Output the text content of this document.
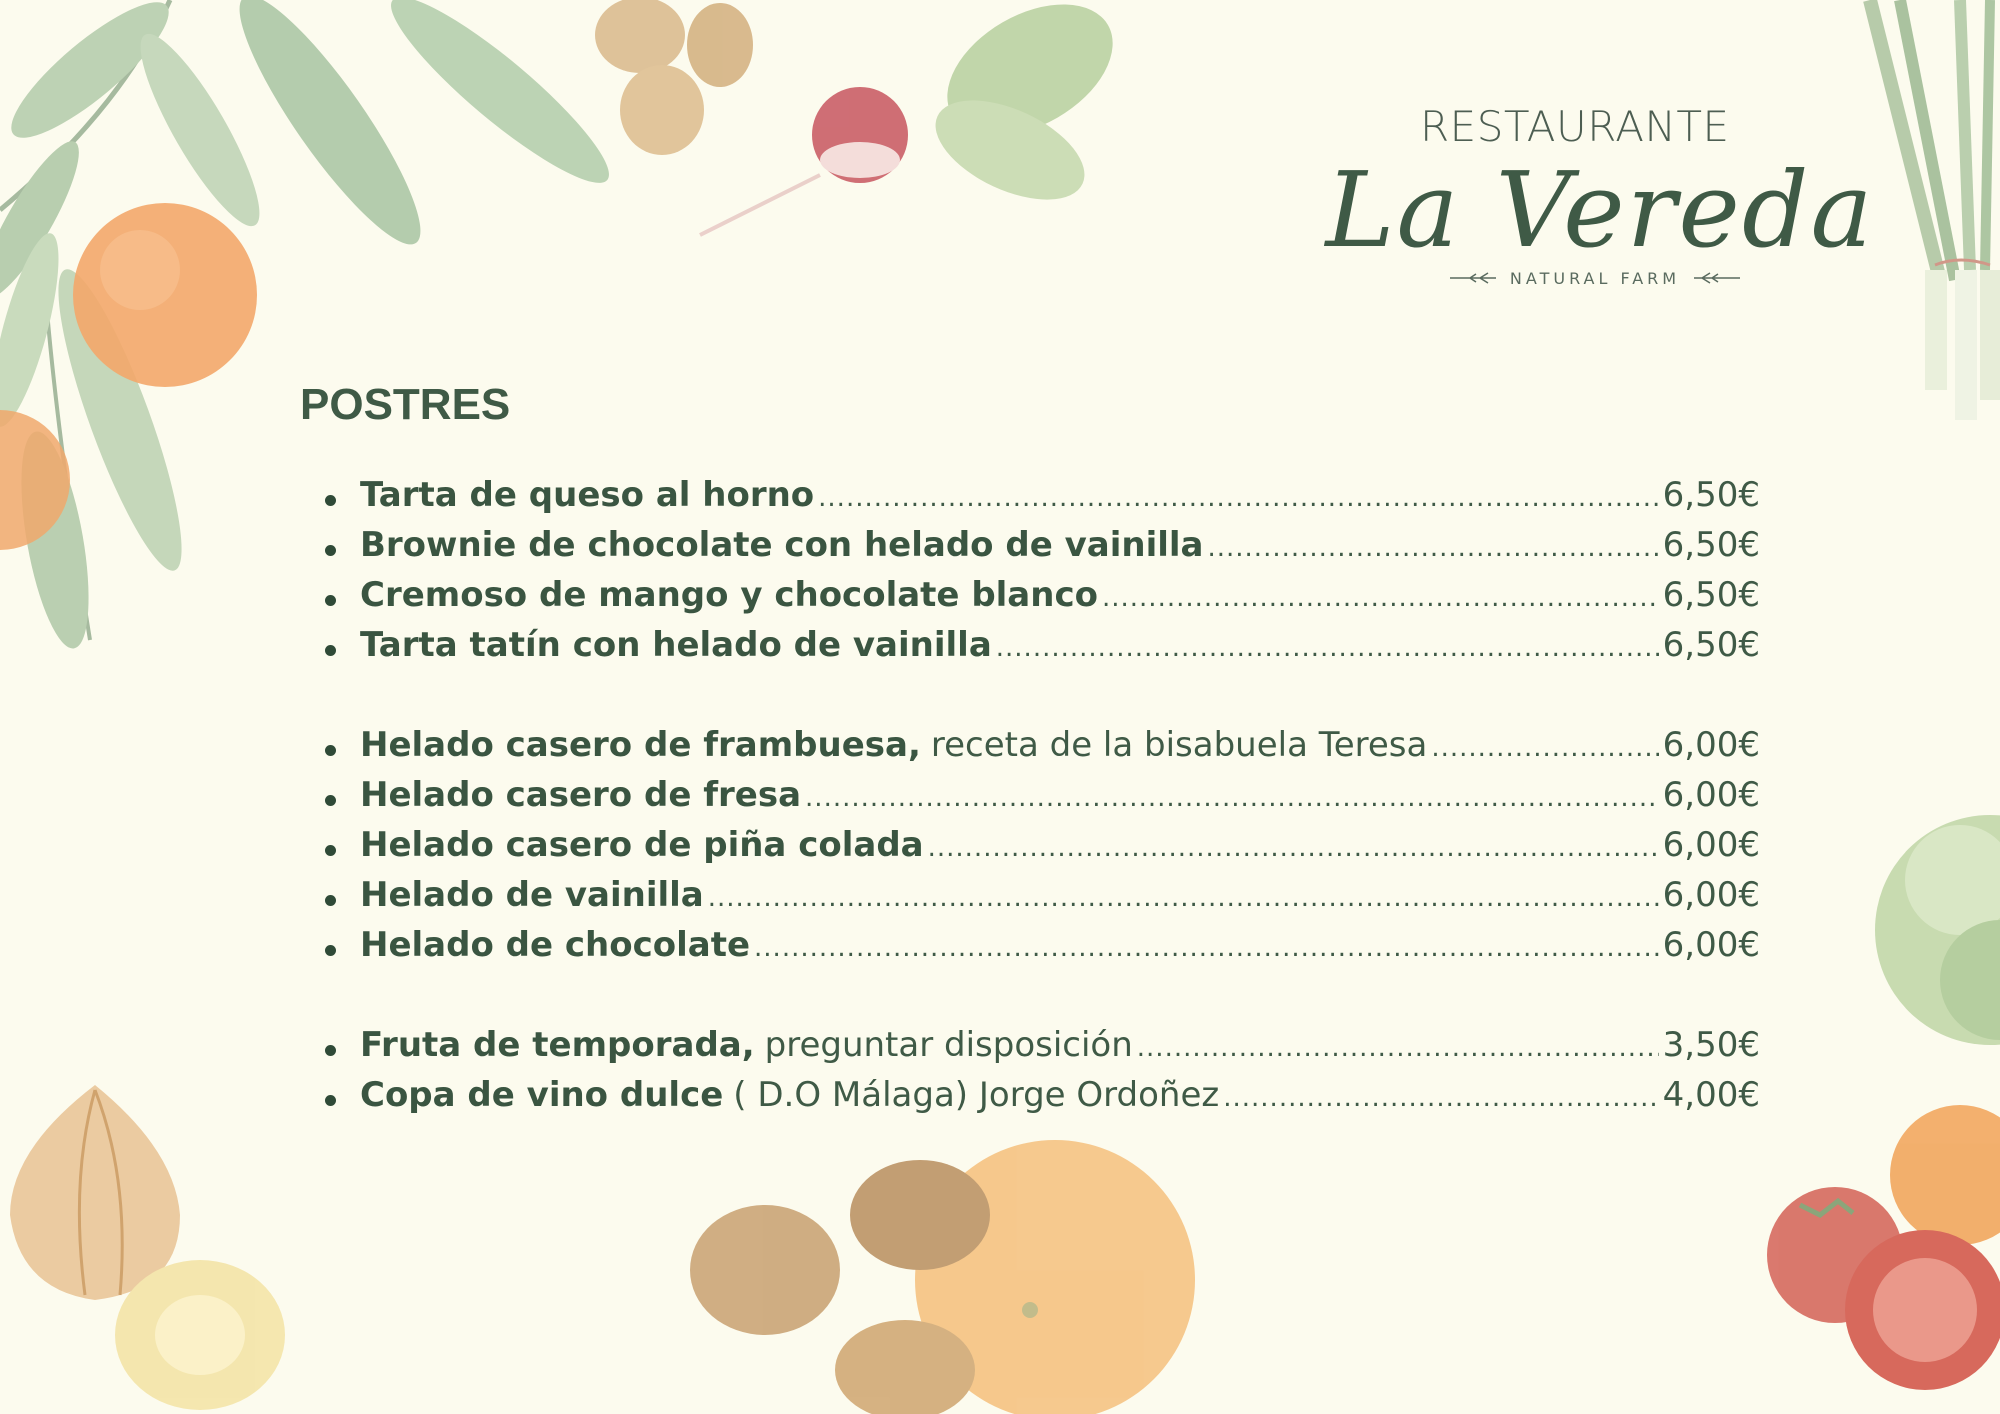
RESTAURANTE
La Vereda
NATURAL FARM
POSTRES
Tarta de queso al horno .....	6,50€
Brownie de chocolate con helado de vainilla .....	6,50€
Cremoso de mango y chocolate blanco .....	6,50€
Tarta tatín con helado de vainilla .....	6,50€
Helado casero de frambuesa, receta de la bisabuela Teresa .....	6,00€
Helado casero de fresa .....	6,00€
Helado casero de piña colada .....	6,00€
Helado de vainilla .....	6,00€
Helado de chocolate .....	6,00€
Fruta de temporada, preguntar disposición .....	3,50€
Copa de vino dulce ( D.O Málaga) Jorge Ordoñez .....	4,00€
